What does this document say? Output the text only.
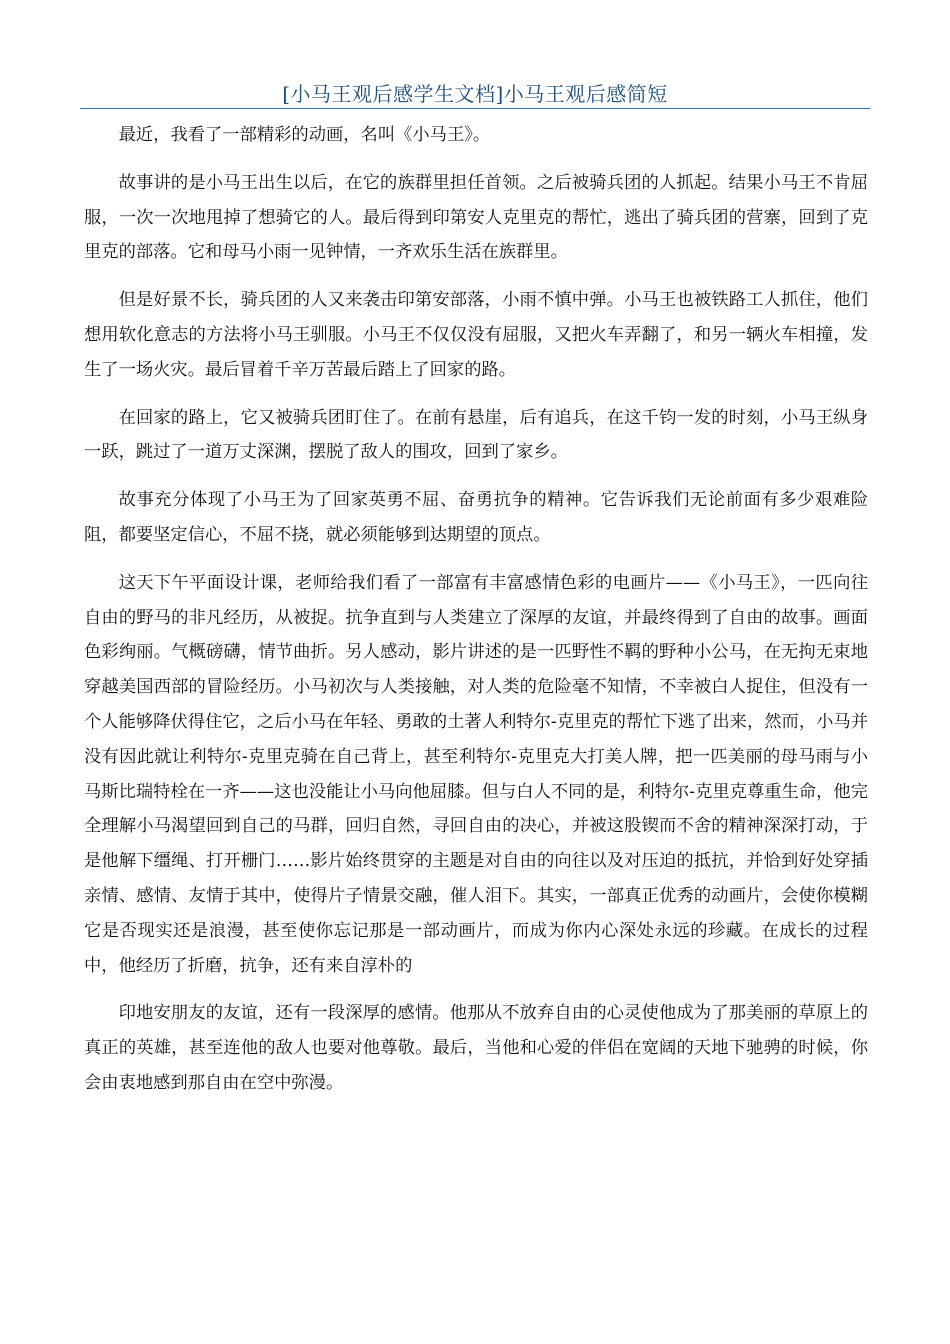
[小马王观后感学生文档]小马王观后感简短

最近，我看了一部精彩的动画，名叫《小马王》。

故事讲的是小马王出生以后，在它的族群里担任首领。之后被骑兵团的人抓起。结果小马王不肯屈服，一次一次地甩掉了想骑它的人。最后得到印第安人克里克的帮忙，逃出了骑兵团的营寨，回到了克里克的部落。它和母马小雨一见钟情，一齐欢乐生活在族群里。

但是好景不长，骑兵团的人又来袭击印第安部落，小雨不慎中弹。小马王也被铁路工人抓住，他们想用软化意志的方法将小马王驯服。小马王不仅仅没有屈服，又把火车弄翻了，和另一辆火车相撞，发生了一场火灾。最后冒着千辛万苦最后踏上了回家的路。

在回家的路上，它又被骑兵团盯住了。在前有悬崖，后有追兵，在这千钧一发的时刻，小马王纵身一跃，跳过了一道万丈深渊，摆脱了敌人的围攻，回到了家乡。

故事充分体现了小马王为了回家英勇不屈、奋勇抗争的精神。它告诉我们无论前面有多少艰难险阻，都要坚定信心，不屈不挠，就必须能够到达期望的顶点。

这天下午平面设计课，老师给我们看了一部富有丰富感情色彩的电画片——《小马王》，一匹向往自由的野马的非凡经历，从被捉。抗争直到与人类建立了深厚的友谊，并最终得到了自由的故事。画面色彩绚丽。气概磅礴，情节曲折。另人感动，影片讲述的是一匹野性不羁的野种小公马，在无拘无束地穿越美国西部的冒险经历。小马初次与人类接触，对人类的危险毫不知情，不幸被白人捉住，但没有一个人能够降伏得住它，之后小马在年轻、勇敢的土著人利特尔-克里克的帮忙下逃了出来，然而，小马并没有因此就让利特尔-克里克骑在自己背上，甚至利特尔-克里克大打美人牌，把一匹美丽的母马雨与小马斯比瑞特栓在一齐——这也没能让小马向他屈膝。但与白人不同的是，利特尔-克里克尊重生命，他完全理解小马渴望回到自己的马群，回归自然，寻回自由的决心，并被这股锲而不舍的精神深深打动，于是他解下缰绳、打开栅门……影片始终贯穿的主题是对自由的向往以及对压迫的抵抗，并恰到好处穿插亲情、感情、友情于其中，使得片子情景交融，催人泪下。其实，一部真正优秀的动画片，会使你模糊它是否现实还是浪漫，甚至使你忘记那是一部动画片，而成为你内心深处永远的珍藏。在成长的过程中，他经历了折磨，抗争，还有来自淳朴的

印地安朋友的友谊，还有一段深厚的感情。他那从不放弃自由的心灵使他成为了那美丽的草原上的真正的英雄，甚至连他的敌人也要对他尊敬。最后，当他和心爱的伴侣在宽阔的天地下驰骋的时候，你会由衷地感到那自由在空中弥漫。
